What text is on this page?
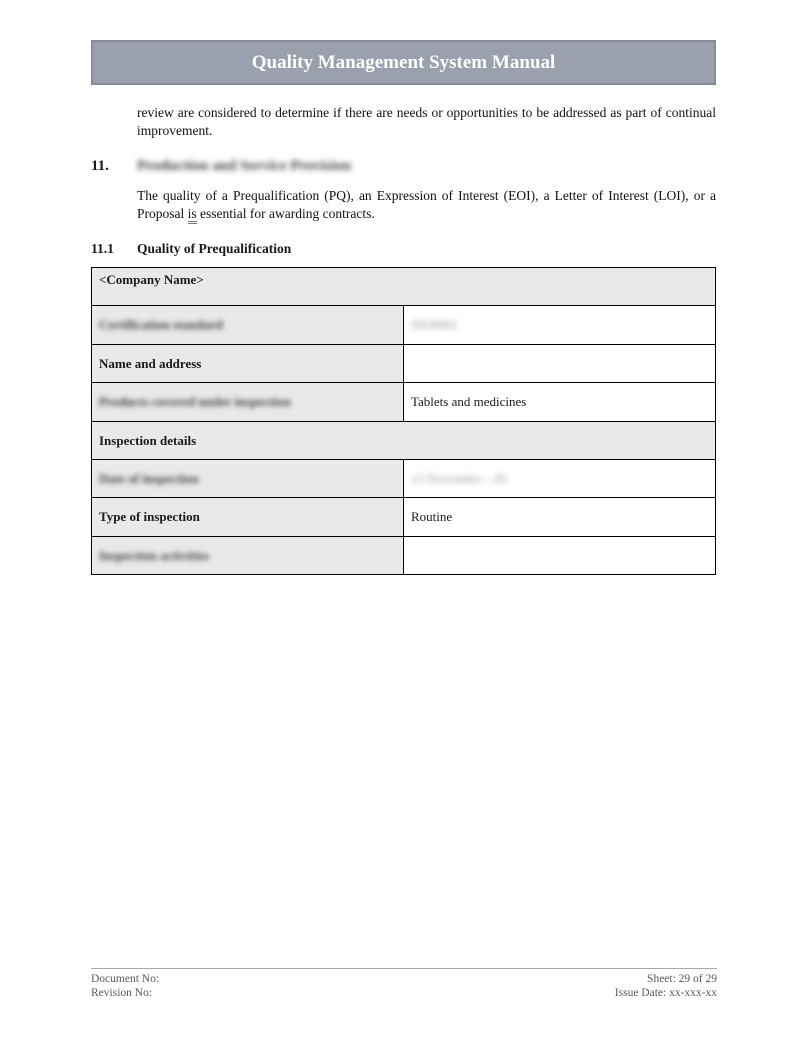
Quality Management System Manual
review are considered to determine if there are needs or opportunities to be addressed as part of continual improvement.
11. Production and Service Provision
The quality of a Prequalification (PQ), an Expression of Interest (EOI), a Letter of Interest (LOI), or a Proposal is essential for awarding contracts.
11.1 Quality of Prequalification
<Company Name>	
Certification standard	ISO9001
Name and address	
Products covered under inspection	Tablets and medicines
Inspection details	
Date of inspection	13 November - 20
Type of inspection	Routine
Inspection activities	
Document No:
Revision No:
Sheet: 29 of 29
Issue Date: xx-xxx-xx
